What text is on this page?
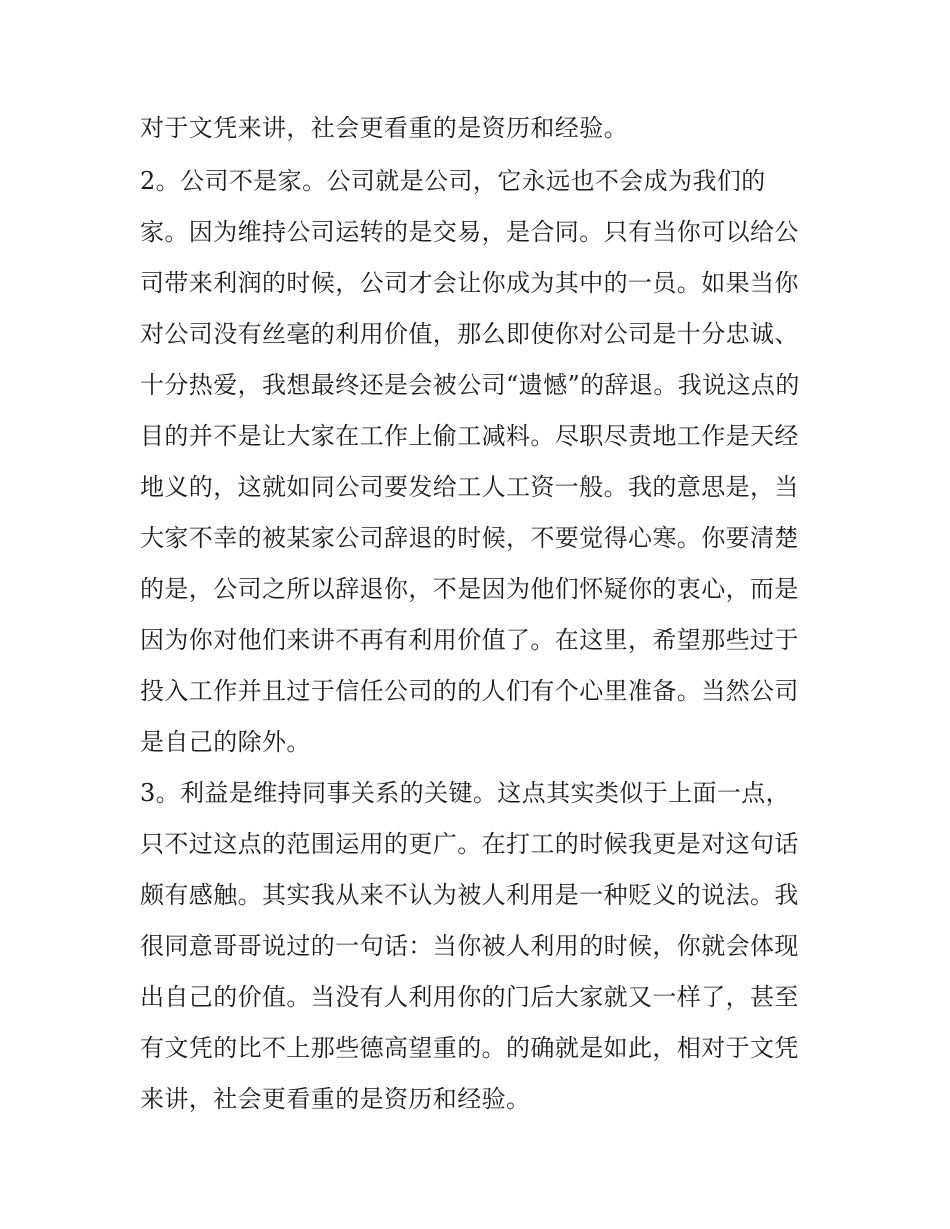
对于文凭来讲，社会更看重的是资历和经验。
2。公司不是家。公司就是公司，它永远也不会成为我们的
家。因为维持公司运转的是交易，是合同。只有当你可以给公
司带来利润的时候，公司才会让你成为其中的一员。如果当你
对公司没有丝毫的利用价值，那么即使你对公司是十分忠诚、
十分热爱，我想最终还是会被公司“遗憾”的辞退。我说这点的
目的并不是让大家在工作上偷工减料。尽职尽责地工作是天经
地义的，这就如同公司要发给工人工资一般。我的意思是，当
大家不幸的被某家公司辞退的时候，不要觉得心寒。你要清楚
的是，公司之所以辞退你，不是因为他们怀疑你的衷心，而是
因为你对他们来讲不再有利用价值了。在这里，希望那些过于
投入工作并且过于信任公司的的人们有个心里准备。当然公司
是自己的除外。
3。利益是维持同事关系的关键。这点其实类似于上面一点，
只不过这点的范围运用的更广。在打工的时候我更是对这句话
颇有感触。其实我从来不认为被人利用是一种贬义的说法。我
很同意哥哥说过的一句话：当你被人利用的时候，你就会体现
出自己的价值。当没有人利用你的门后大家就又一样了，甚至
有文凭的比不上那些德高望重的。的确就是如此，相对于文凭
来讲，社会更看重的是资历和经验。
